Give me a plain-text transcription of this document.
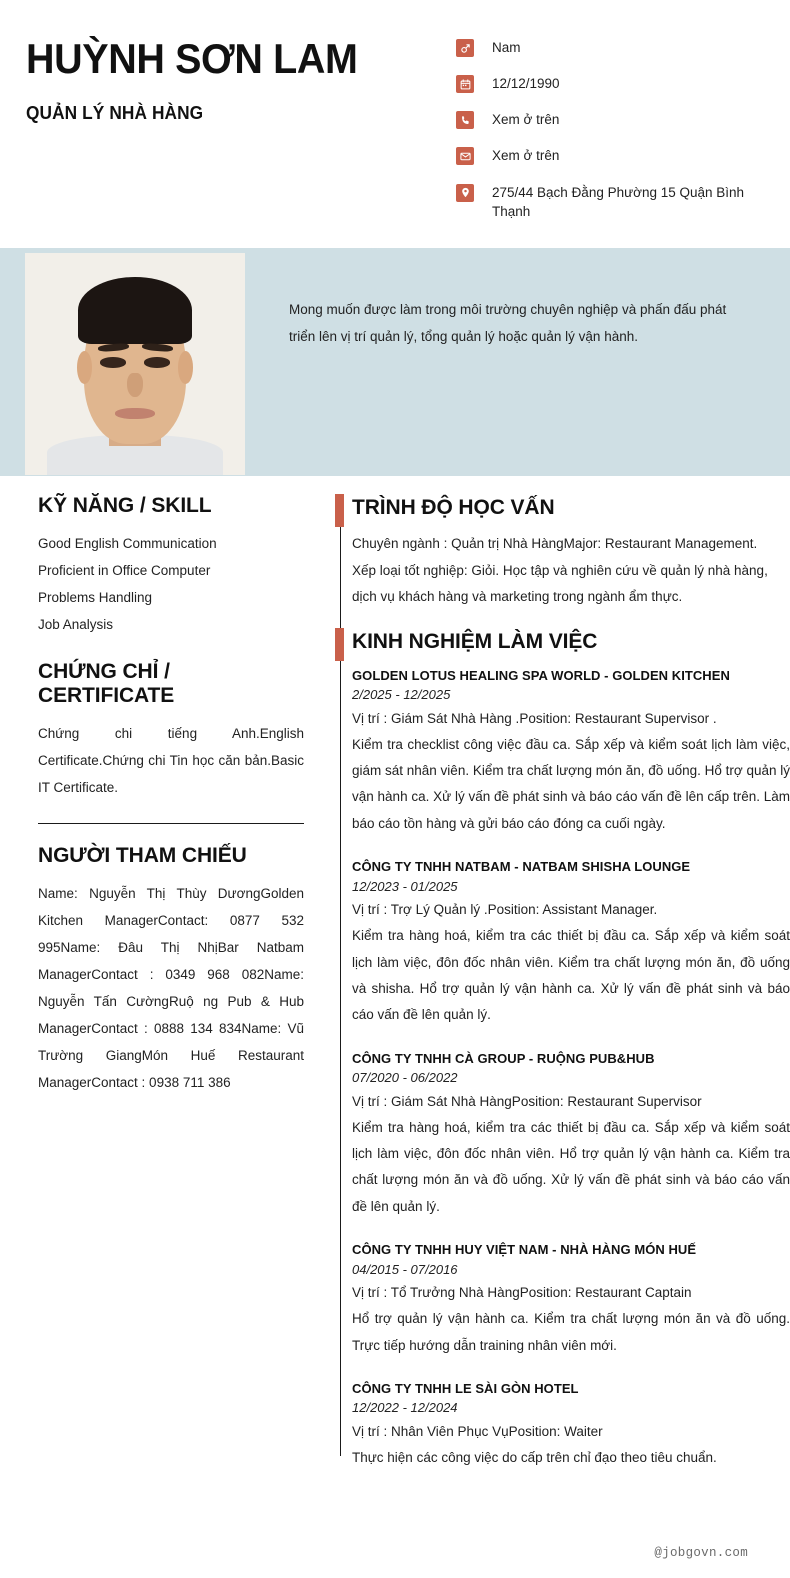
HUỲNH SƠN LAM
QUẢN LÝ NHÀ HÀNG
Nam
12/12/1990
Xem ở trên
Xem ở trên
275/44 Bạch Đằng Phường 15 Quận Bình Thạnh
Mong muốn được làm trong môi trường chuyên nghiệp và phấn đấu phát triển lên vị trí quản lý, tổng quản lý hoặc quản lý vận hành.
KỸ NĂNG / SKILL
Good English Communication
Proficient in Office Computer
Problems Handling
Job Analysis
CHỨNG CHỈ / CERTIFICATE
Chứng chi tiếng Anh.English Certificate.Chứng chi Tin học căn bản.Basic IT Certificate.
NGƯỜI THAM CHIẾU
Name: Nguyễn Thị Thùy DươngGolden Kitchen ManagerContact: 0877 532 995Name: Đâu Thị NhịBar Natbam ManagerContact : 0349 968 082Name: Nguyễn Tấn CườngRuộ ng Pub & Hub ManagerContact : 0888 134 834Name: Vũ Trường GiangMón Huế Restaurant ManagerContact : 0938 711 386
TRÌNH ĐỘ HỌC VẤN
Chuyên ngành : Quản trị Nhà HàngMajor: Restaurant Management.
Xếp loại tốt nghiệp: Giỏi. Học tập và nghiên cứu về quản lý nhà hàng, dịch vụ khách hàng và marketing trong ngành ẩm thực.
KINH NGHIỆM LÀM VIỆC
GOLDEN LOTUS HEALING SPA WORLD - GOLDEN KITCHEN
2/2025 - 12/2025
Vị trí : Giám Sát Nhà Hàng .Position: Restaurant Supervisor .
Kiểm tra checklist công việc đầu ca. Sắp xếp và kiểm soát lịch làm việc, giám sát nhân viên. Kiểm tra chất lượng món ăn, đồ uống. Hổ trợ quản lý vận hành ca. Xử lý vấn đề phát sinh và báo cáo vấn đề lên cấp trên. Làm báo cáo tồn hàng và gửi báo cáo đóng ca cuối ngày.
CÔNG TY TNHH NATBAM - NATBAM SHISHA LOUNGE
12/2023 - 01/2025
Vị trí : Trợ Lý Quản lý .Position: Assistant Manager.
Kiểm tra hàng hoá, kiểm tra các thiết bị đầu ca. Sắp xếp và kiểm soát lịch làm việc, đôn đốc nhân viên. Kiểm tra chất lượng món ăn, đồ uống và shisha. Hổ trợ quản lý vận hành ca. Xử lý vấn đề phát sinh và báo cáo vấn đề lên quản lý.
CÔNG TY TNHH CÀ GROUP - RUỘNG PUB&HUB
07/2020 - 06/2022
Vị trí : Giám Sát Nhà HàngPosition: Restaurant Supervisor
Kiểm tra hàng hoá, kiểm tra các thiết bị đầu ca. Sắp xếp và kiểm soát lịch làm việc, đôn đốc nhân viên. Hổ trợ quản lý vận hành ca. Kiểm tra chất lượng món ăn và đồ uống. Xử lý vấn đề phát sinh và báo cáo vấn đề lên quản lý.
CÔNG TY TNHH HUY VIỆT NAM - NHÀ HÀNG MÓN HUẾ
04/2015 - 07/2016
Vị trí : Tổ Trưởng Nhà HàngPosition: Restaurant Captain
Hổ trợ quản lý vận hành ca. Kiểm tra chất lượng món ăn và đồ uống. Trực tiếp hướng dẫn training nhân viên mới.
CÔNG TY TNHH LE SÀI GÒN HOTEL
12/2022 - 12/2024
Vị trí : Nhân Viên Phục VụPosition: Waiter
Thực hiện các công việc do cấp trên chỉ đạo theo tiêu chuẩn.
@jobgovn.com
